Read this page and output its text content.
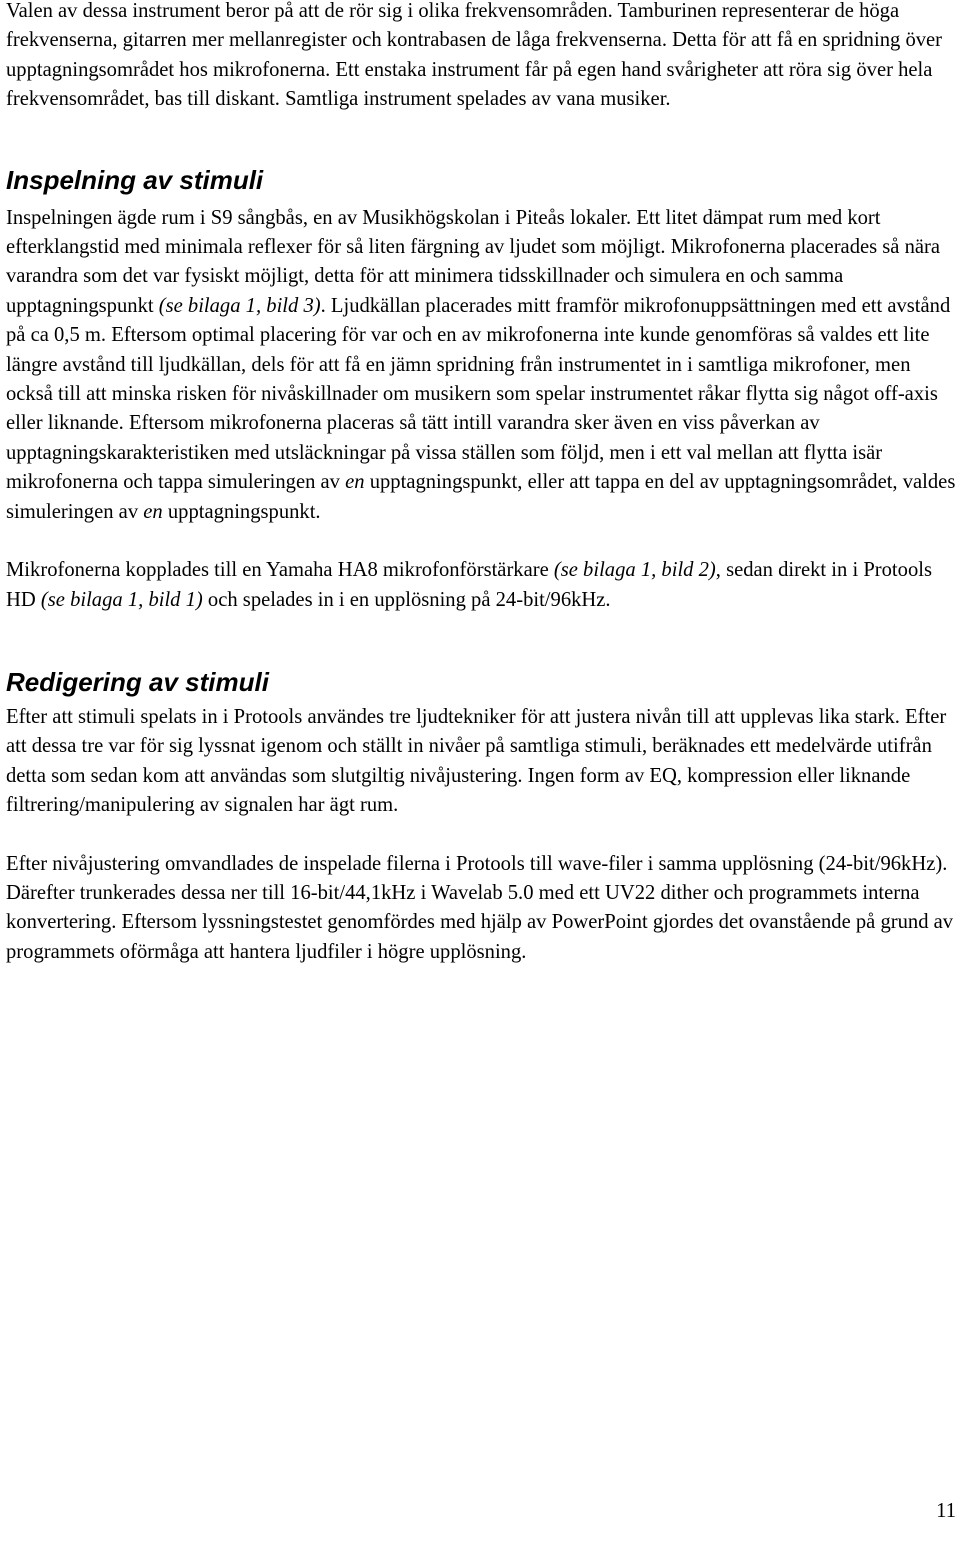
Valen av dessa instrument beror på att de rör sig i olika frekvensområden. Tamburinen representerar de höga frekvenserna, gitarren mer mellanregister och kontrabasen de låga frekvenserna. Detta för att få en spridning över upptagningsområdet hos mikrofonerna. Ett enstaka instrument får på egen hand svårigheter att röra sig över hela frekvensområdet, bas till diskant. Samtliga instrument spelades av vana musiker.

Inspelning av stimuli

Inspelningen ägde rum i S9 sångbås, en av Musikhögskolan i Piteås lokaler. Ett litet dämpat rum med kort efterklangstid med minimala reflexer för så liten färgning av ljudet som möjligt. Mikrofonerna placerades så nära varandra som det var fysiskt möjligt, detta för att minimera tidsskillnader och simulera en och samma upptagningspunkt (se bilaga 1, bild 3). Ljudkällan placerades mitt framför mikrofonuppsättningen med ett avstånd på ca 0,5 m. Eftersom optimal placering för var och en av mikrofonerna inte kunde genomföras så valdes ett lite längre avstånd till ljudkällan, dels för att få en jämn spridning från instrumentet in i samtliga mikrofoner, men också till att minska risken för nivåskillnader om musikern som spelar instrumentet råkar flytta sig något off-axis eller liknande. Eftersom mikrofonerna placeras så tätt intill varandra sker även en viss påverkan av upptagningskarakteristiken med utsläckningar på vissa ställen som följd, men i ett val mellan att flytta isär mikrofonerna och tappa simuleringen av en upptagningspunkt, eller att tappa en del av upptagningsområdet, valdes simuleringen av en upptagningspunkt.

Mikrofonerna kopplades till en Yamaha HA8 mikrofonförstärkare (se bilaga 1, bild 2), sedan direkt in i Protools HD (se bilaga 1, bild 1) och spelades in i en upplösning på 24-bit/96kHz.

Redigering av stimuli

Efter att stimuli spelats in i Protools användes tre ljudtekniker för att justera nivån till att upplevas lika stark. Efter att dessa tre var för sig lyssnat igenom och ställt in nivåer på samtliga stimuli, beräknades ett medelvärde utifrån detta som sedan kom att användas som slutgiltig nivåjustering. Ingen form av EQ, kompression eller liknande filtrering/manipulering av signalen har ägt rum.

Efter nivåjustering omvandlades de inspelade filerna i Protools till wave-filer i samma upplösning (24-bit/96kHz). Därefter trunkerades dessa ner till 16-bit/44,1kHz i Wavelab 5.0 med ett UV22 dither och programmets interna konvertering. Eftersom lyssningstestet genomfördes med hjälp av PowerPoint gjordes det ovanstående på grund av programmets oförmåga att hantera ljudfiler i högre upplösning.

11
